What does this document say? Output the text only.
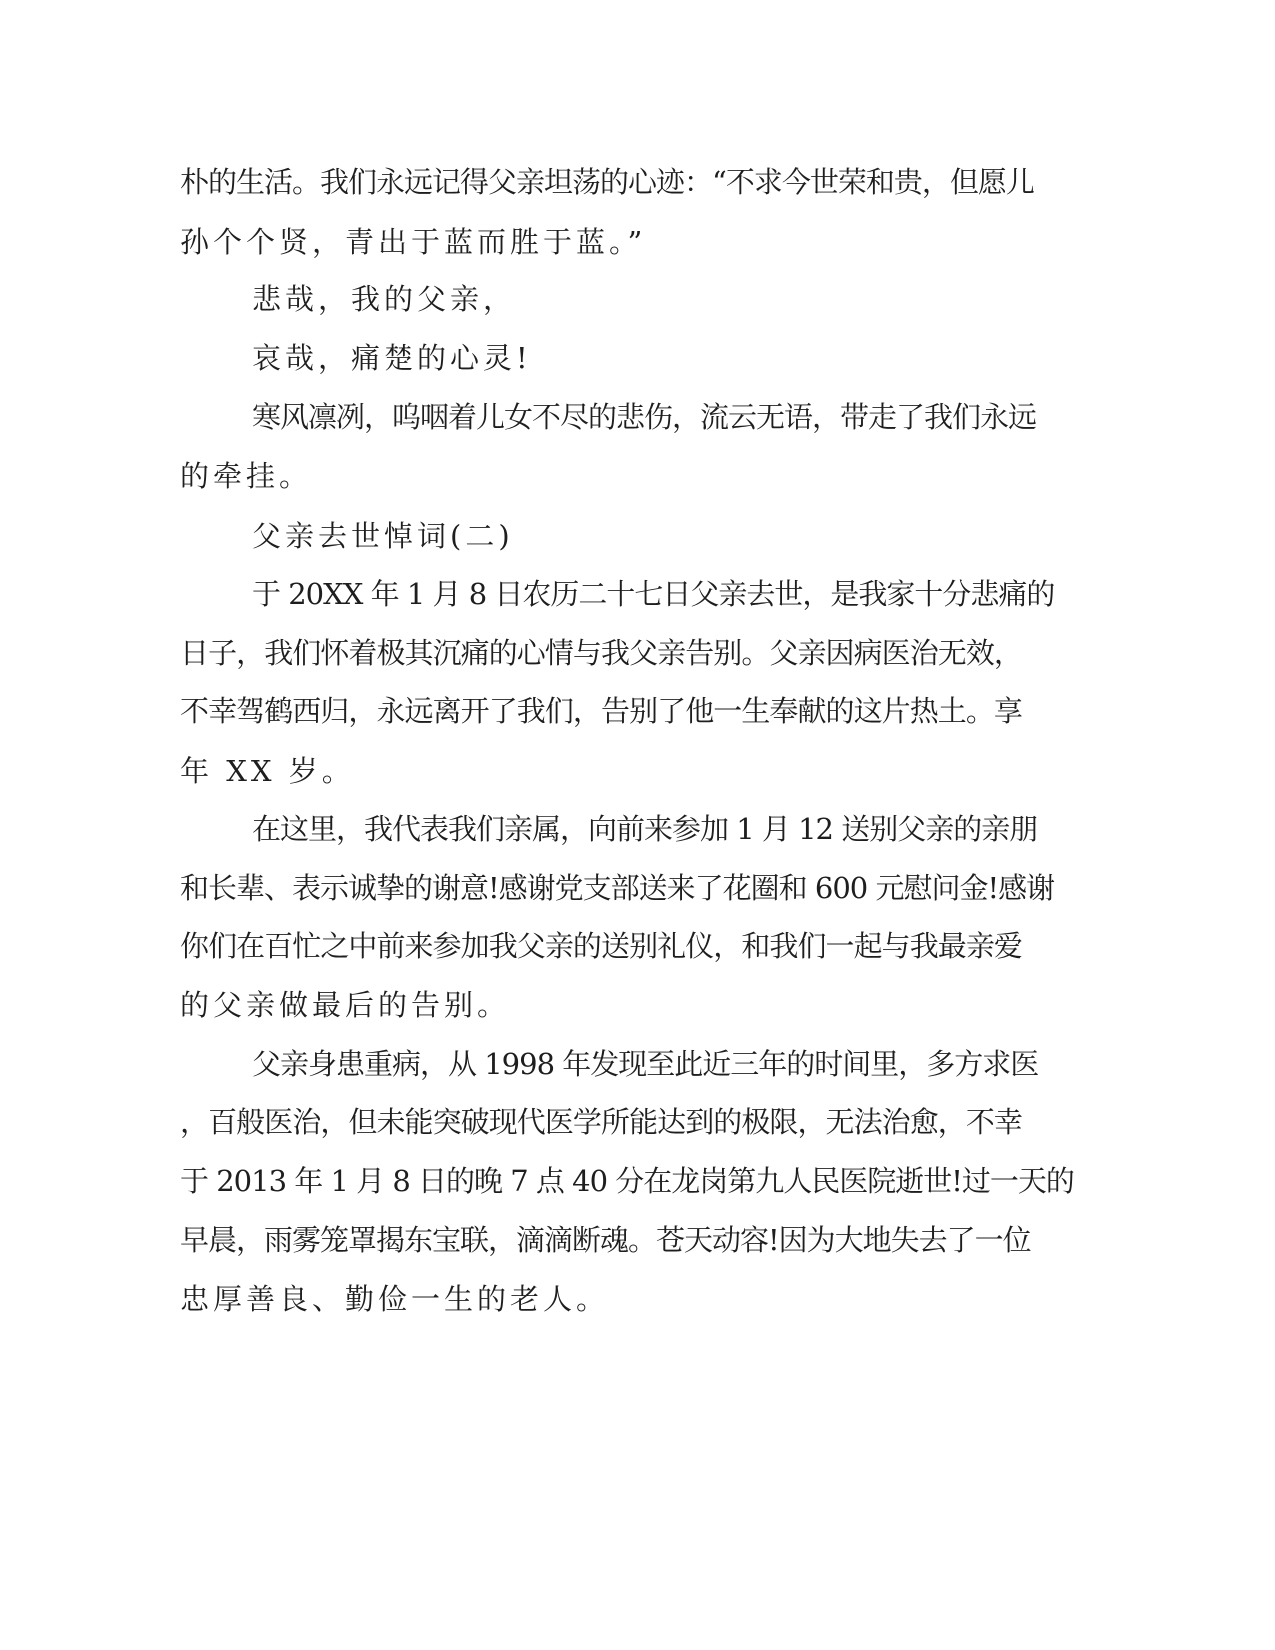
朴的生活。我们永远记得父亲坦荡的心迹：“不求今世荣和贵，但愿儿

孙个个贤，青出于蓝而胜于蓝。”

悲哉，我的父亲，

哀哉，痛楚的心灵!

寒风凛冽，呜咽着儿女不尽的悲伤，流云无语，带走了我们永远

的牵挂。

父亲去世悼词(二)

于 20XX 年 1 月 8 日农历二十七日父亲去世，是我家十分悲痛的

日子，我们怀着极其沉痛的心情与我父亲告别。父亲因病医治无效，

不幸驾鹤西归，永远离开了我们，告别了他一生奉献的这片热土。享

年 XX 岁。

在这里，我代表我们亲属，向前来参加 1 月 12 送别父亲的亲朋

和长辈、表示诚挚的谢意!感谢党支部送来了花圈和 600 元慰问金!感谢

你们在百忙之中前来参加我父亲的送别礼仪，和我们一起与我最亲爱

的父亲做最后的告别。

父亲身患重病，从 1998 年发现至此近三年的时间里，多方求医

，百般医治，但未能突破现代医学所能达到的极限，无法治愈，不幸

于 2013 年 1 月 8 日的晚 7 点 40 分在龙岗第九人民医院逝世!过一天的

早晨，雨雾笼罩揭东宝联，滴滴断魂。苍天动容!因为大地失去了一位

忠厚善良、勤俭一生的老人。
